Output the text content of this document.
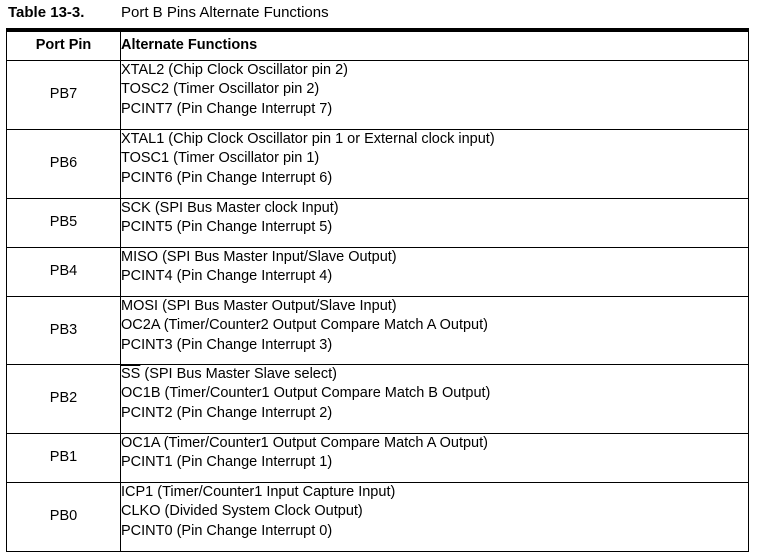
Table 13-3. Port B Pins Alternate Functions
Port Pin	Alternate Functions
PB7	XTAL2 (Chip Clock Oscillator pin 2)
TOSC2 (Timer Oscillator pin 2)
PCINT7 (Pin Change Interrupt 7)

PB6	XTAL1 (Chip Clock Oscillator pin 1 or External clock input)
TOSC1 (Timer Oscillator pin 1)
PCINT6 (Pin Change Interrupt 6)

PB5	SCK (SPI Bus Master clock Input)
PCINT5 (Pin Change Interrupt 5)

PB4	MISO (SPI Bus Master Input/Slave Output)
PCINT4 (Pin Change Interrupt 4)

PB3	MOSI (SPI Bus Master Output/Slave Input)
OC2A (Timer/Counter2 Output Compare Match A Output)
PCINT3 (Pin Change Interrupt 3)

PB2	$\overline{SS}$ (SPI Bus Master Slave select)
OC1B (Timer/Counter1 Output Compare Match B Output)
PCINT2 (Pin Change Interrupt 2)

PB1	OC1A (Timer/Counter1 Output Compare Match A Output)
PCINT1 (Pin Change Interrupt 1)

PB0	ICP1 (Timer/Counter1 Input Capture Input)
CLKO (Divided System Clock Output)
PCINT0 (Pin Change Interrupt 0)
